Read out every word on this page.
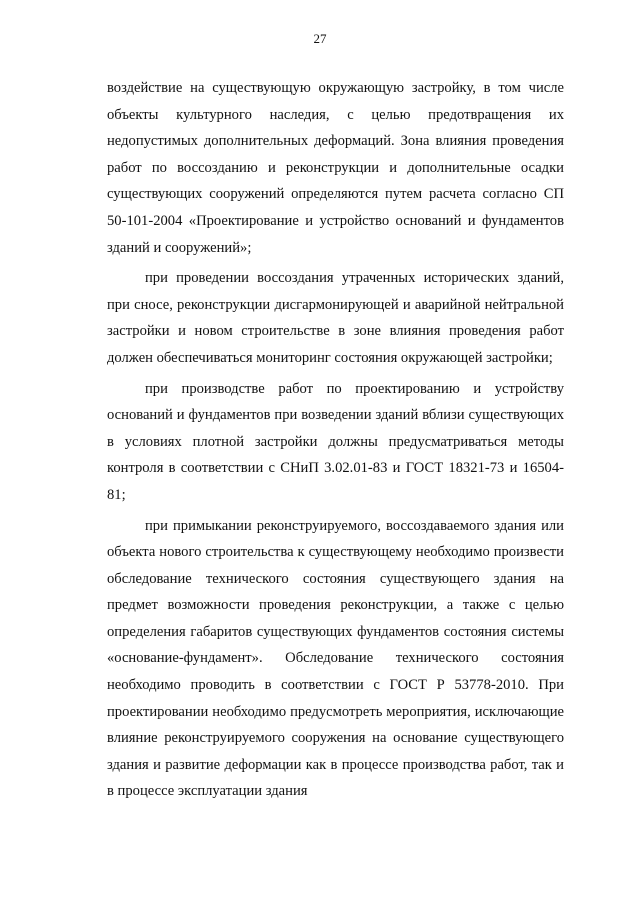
27

воздействие на существующую окружающую застройку, в том числе объекты культурного наследия, с целью предотвращения их недопустимых дополнительных деформаций. Зона влияния проведения работ по воссозданию и реконструкции и дополнительные осадки существующих сооружений определяются путем расчета согласно СП 50-101-2004 «Проектирование и устройство оснований и фундаментов зданий и сооружений»;

при проведении воссоздания утраченных исторических зданий, при сносе, реконструкции дисгармонирующей и аварийной нейтральной застройки и новом строительстве в зоне влияния проведения работ должен обеспечиваться мониторинг состояния окружающей застройки;

при производстве работ по проектированию и устройству оснований и фундаментов при возведении зданий вблизи существующих в условиях плотной застройки должны предусматриваться методы контроля в соответствии с СНиП 3.02.01-83 и ГОСТ 18321-73 и 16504-81;

при примыкании реконструируемого, воссоздаваемого здания или объекта нового строительства к существующему необходимо произвести обследование технического состояния существующего здания на предмет возможности проведения реконструкции, а также с целью определения габаритов существующих фундаментов состояния системы «основание-фундамент». Обследование технического состояния необходимо проводить в соответствии с ГОСТ Р 53778-2010. При проектировании необходимо предусмотреть мероприятия, исключающие влияние реконструируемого сооружения на основание существующего здания и развитие деформации как в процессе производства работ, так и в процессе эксплуатации здания
